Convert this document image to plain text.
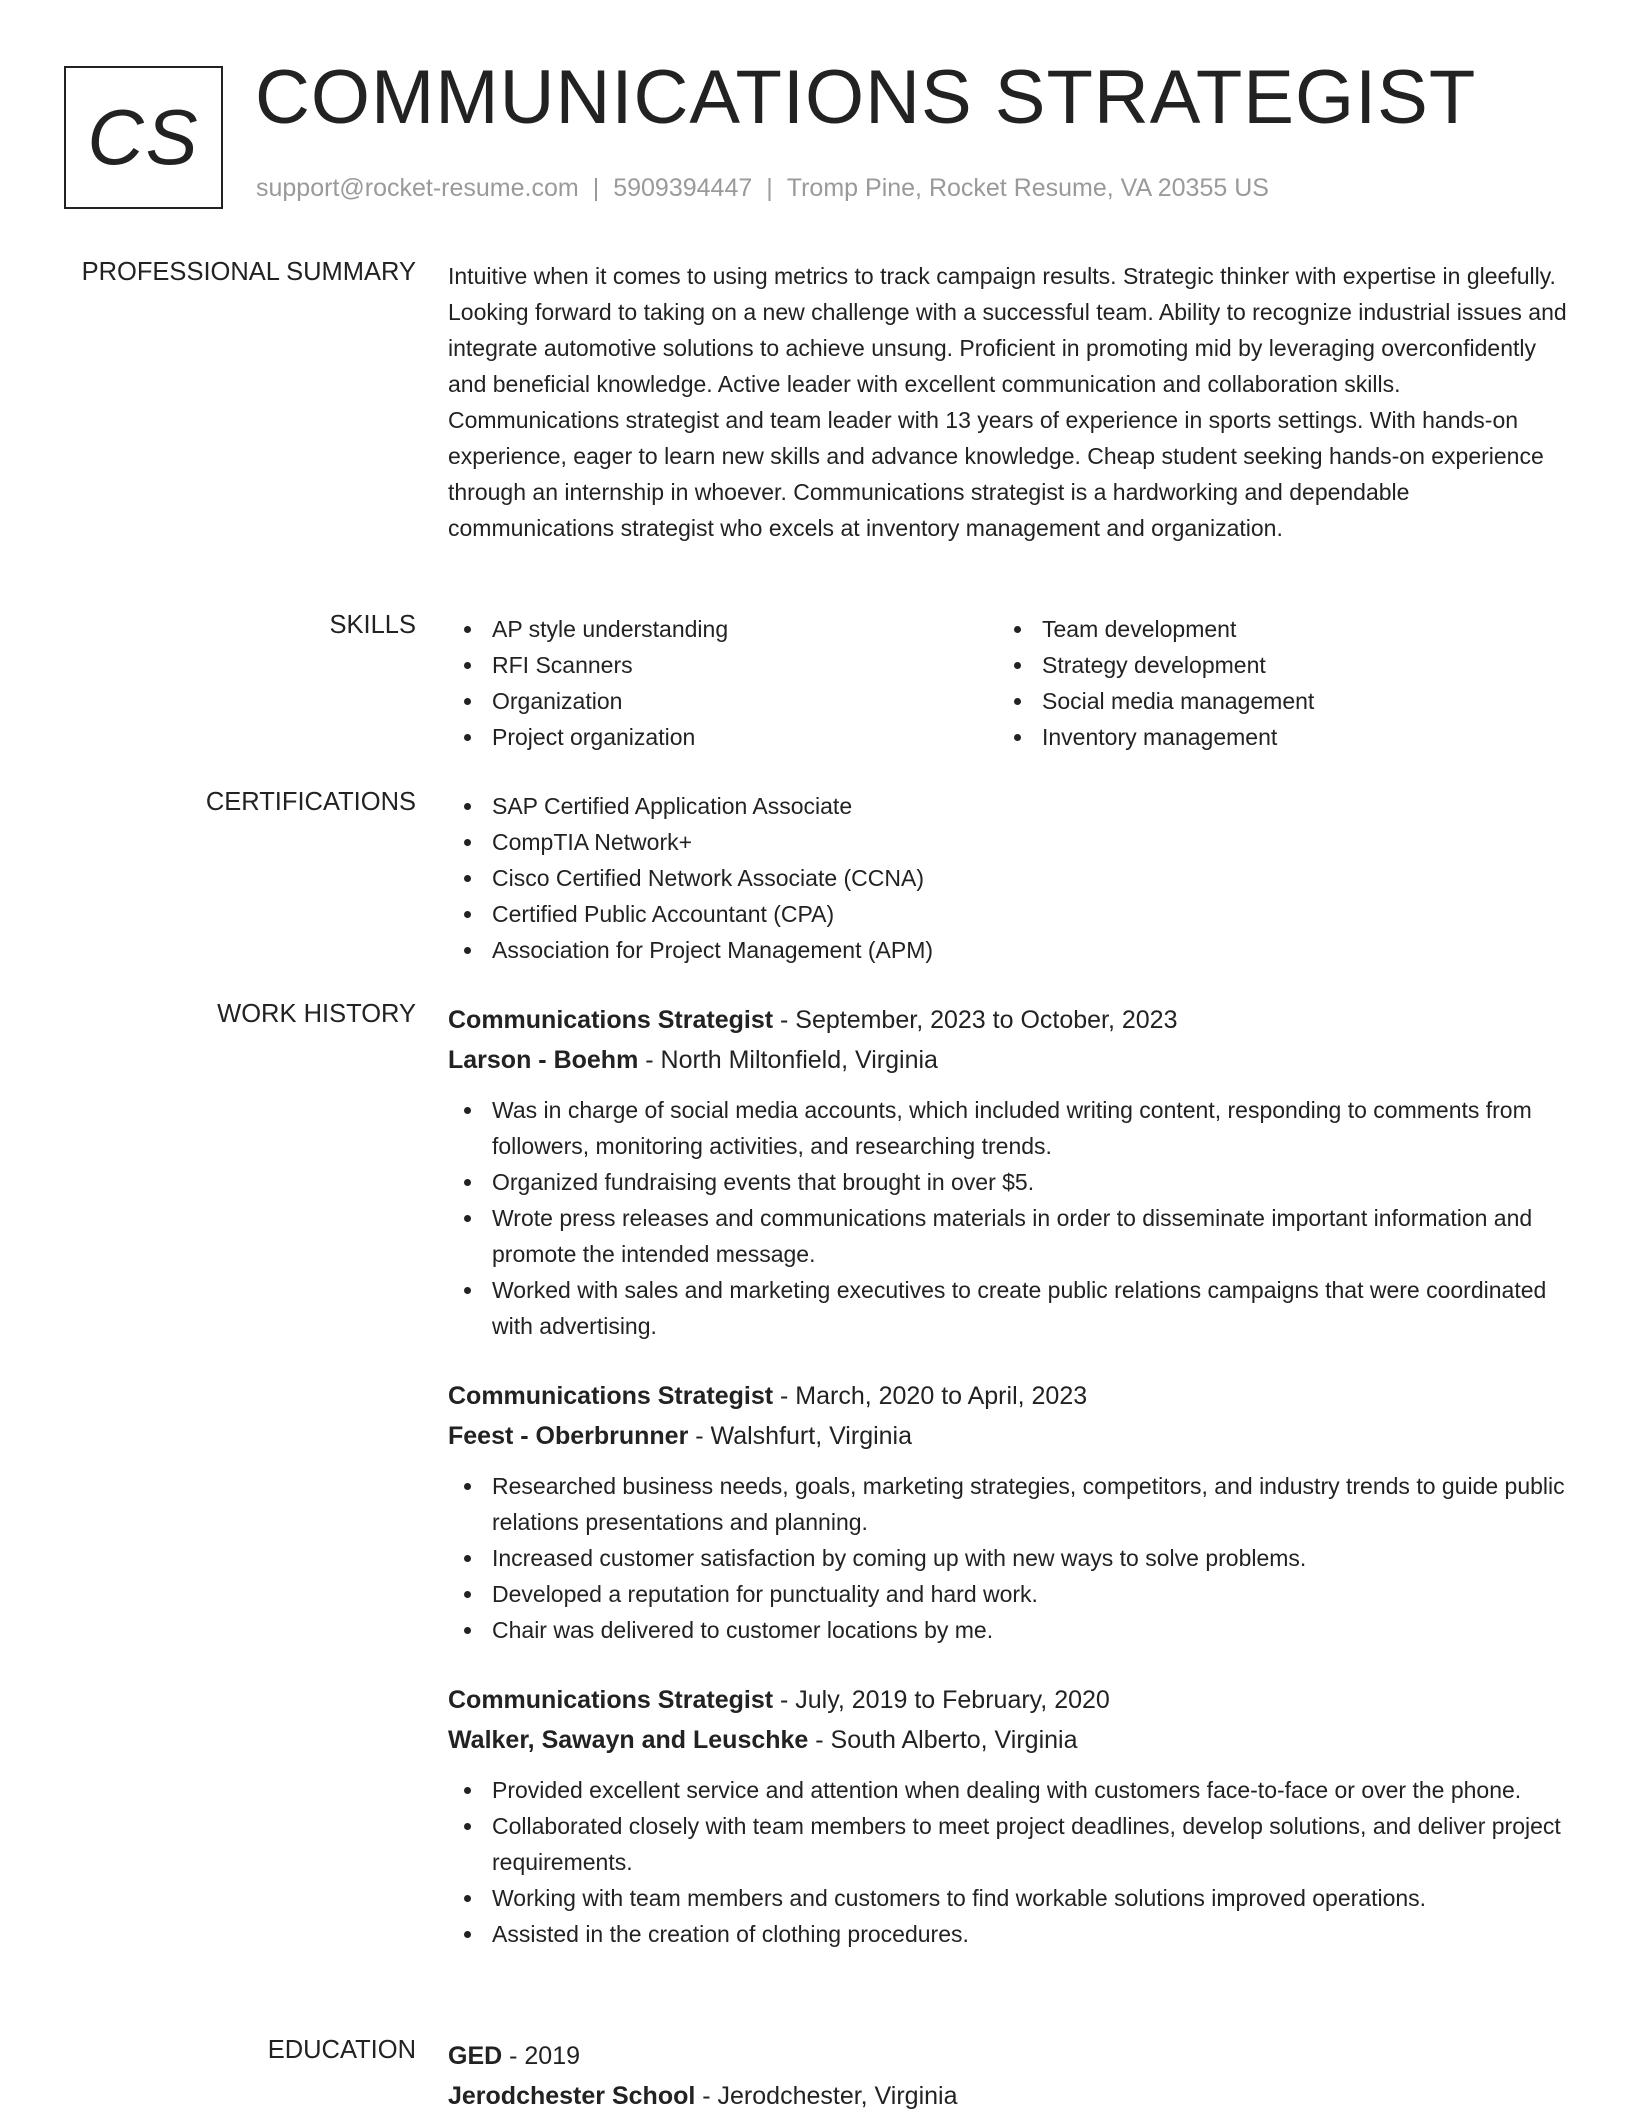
CS COMMUNICATIONS STRATEGIST
support@rocket-resume.com | 5909394447 | Tromp Pine, Rocket Resume, VA 20355 US
PROFESSIONAL SUMMARY Intuitive when it comes to using metrics to track campaign results. Strategic thinker with expertise in gleefully. Looking forward to taking on a new challenge with a successful team. Ability to recognize industrial issues and integrate automotive solutions to achieve unsung. Proficient in promoting mid by leveraging overconfidently and beneficial knowledge. Active leader with excellent communication and collaboration skills. Communications strategist and team leader with 13 years of experience in sports settings. With hands-on experience, eager to learn new skills and advance knowledge. Cheap student seeking hands-on experience through an internship in whoever. Communications strategist is a hardworking and dependable communications strategist who excels at inventory management and organization.
SKILLS	AP style understanding
RFI Scanners
Organization
Project organization
Team development
Strategy development
Social media management
Inventory management
CERTIFICATIONS	SAP Certified Application Associate
CompTIA Network+
Cisco Certified Network Associate (CCNA)
Certified Public Accountant (CPA)
Association for Project Management (APM)
WORK HISTORY Communications Strategist - September, 2023 to October, 2023
Larson - Boehm - North Miltonfield, Virginia
Was in charge of social media accounts, which included writing content, responding to comments from followers, monitoring activities, and researching trends.
Organized fundraising events that brought in over $5.
Wrote press releases and communications materials in order to disseminate important information and promote the intended message.
Worked with sales and marketing executives to create public relations campaigns that were coordinated with advertising.
Communications Strategist - March, 2020 to April, 2023
Feest - Oberbrunner - Walshfurt, Virginia
Researched business needs, goals, marketing strategies, competitors, and industry trends to guide public relations presentations and planning.
Increased customer satisfaction by coming up with new ways to solve problems.
Developed a reputation for punctuality and hard work.
Chair was delivered to customer locations by me.
Communications Strategist - July, 2019 to February, 2020
Walker, Sawayn and Leuschke - South Alberto, Virginia
Provided excellent service and attention when dealing with customers face-to-face or over the phone.
Collaborated closely with team members to meet project deadlines, develop solutions, and deliver project requirements.
Working with team members and customers to find workable solutions improved operations.
Assisted in the creation of clothing procedures.
EDUCATION GED - 2019
Jerodchester School - Jerodchester, Virginia
